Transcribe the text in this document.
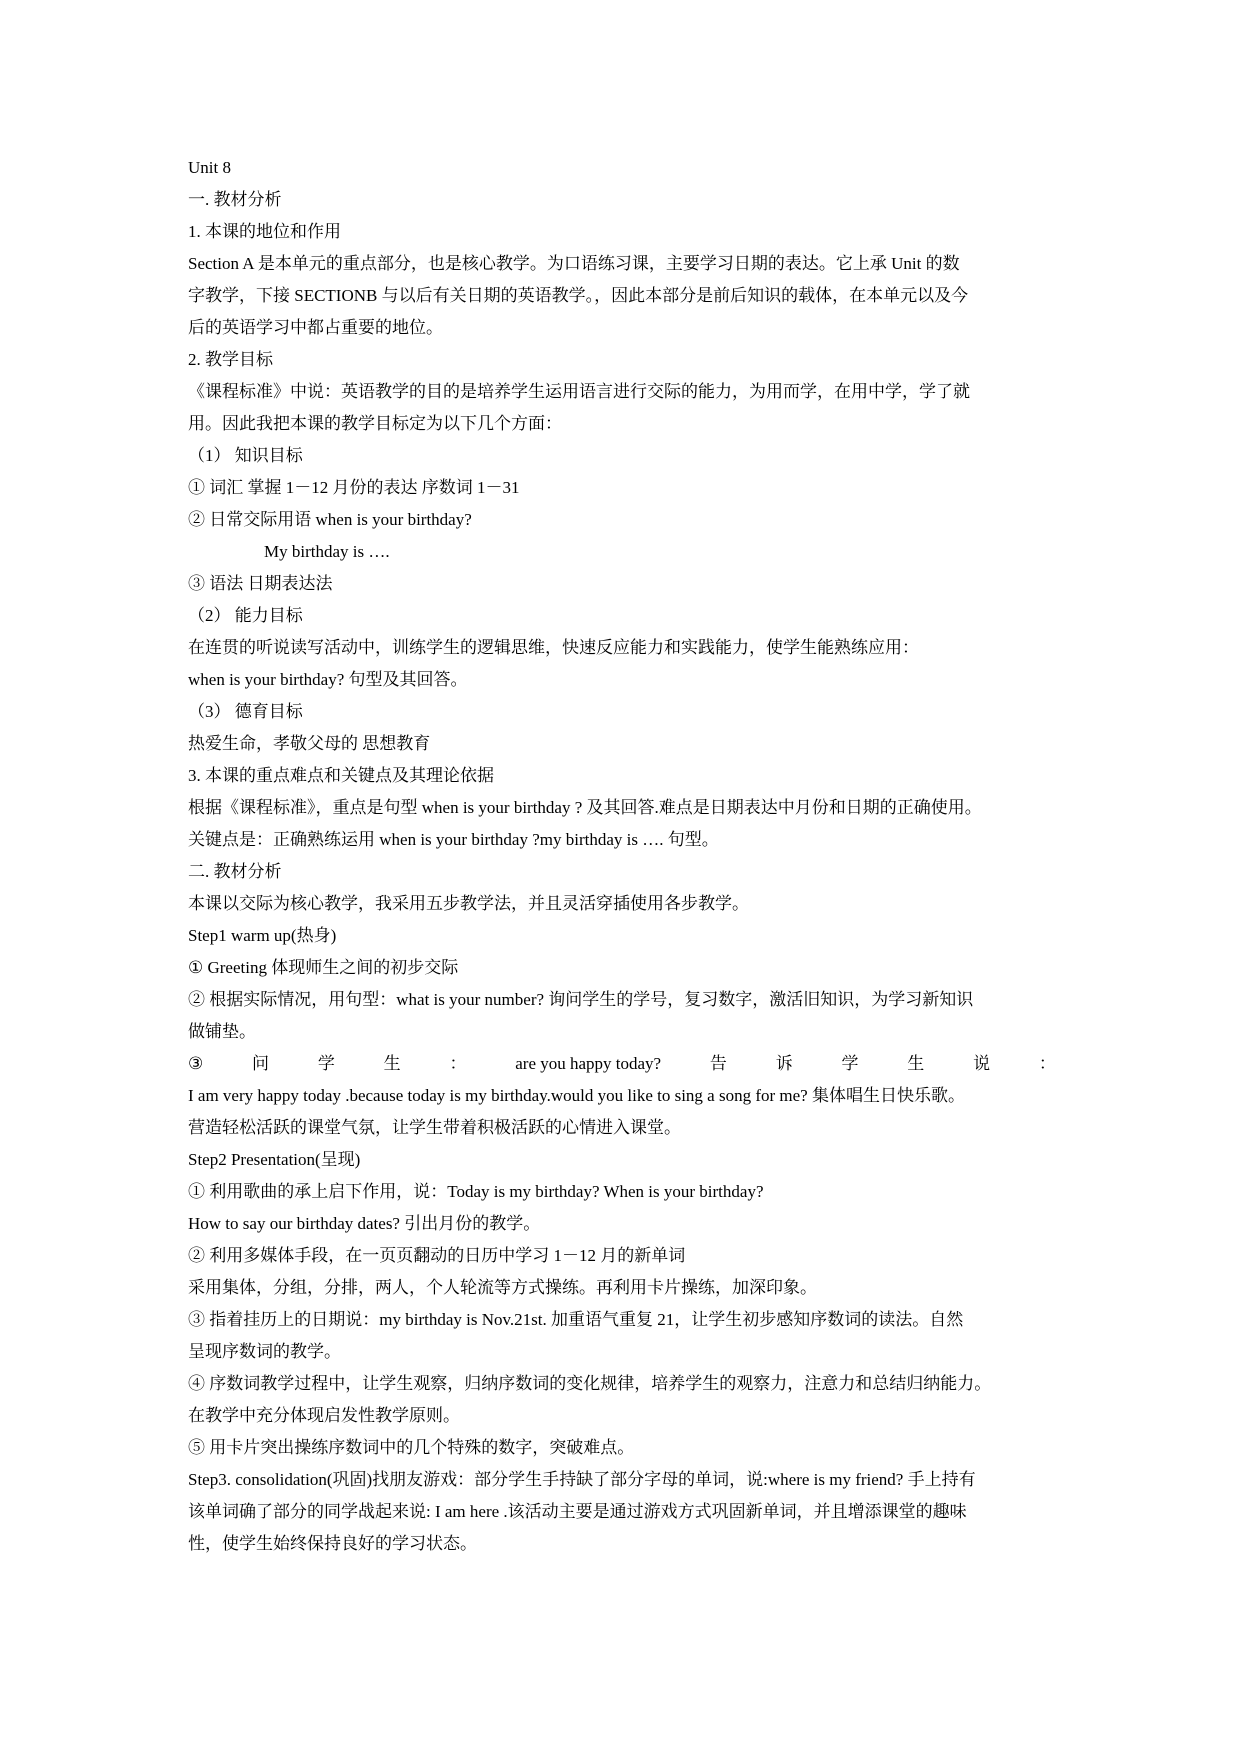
Unit 8
一. 教材分析
1. 本课的地位和作用
Section A 是本单元的重点部分，也是核心教学。为口语练习课，主要学习日期的表达。它上承 Unit 的数
字教学，下接 SECTIONB 与以后有关日期的英语教学。，因此本部分是前后知识的载体，在本单元以及今
后的英语学习中都占重要的地位。
2. 教学目标
《课程标准》中说：英语教学的目的是培养学生运用语言进行交际的能力，为用而学，在用中学，学了就
用。因此我把本课的教学目标定为以下几个方面：
（1） 知识目标
① 词汇 掌握 1－12 月份的表达 序数词 1－31
② 日常交际用语 when is your birthday?
My birthday is ….
③ 语法 日期表达法
（2） 能力目标
在连贯的听说读写活动中，训练学生的逻辑思维，快速反应能力和实践能力，使学生能熟练应用：
when is your birthday? 句型及其回答。
（3） 德育目标
热爱生命，孝敬父母的 思想教育
3. 本课的重点难点和关键点及其理论依据
根据《课程标准》，重点是句型 when is your birthday ? 及其回答.难点是日期表达中月份和日期的正确使用。
关键点是：正确熟练运用 when is your birthday ?my birthday is …. 句型。
二. 教材分析
本课以交际为核心教学，我采用五步教学法，并且灵活穿插使用各步教学。
Step1 warm up(热身)
① Greeting 体现师生之间的初步交际
② 根据实际情况，用句型：what is your number? 询问学生的学号，复习数字，激活旧知识，为学习新知识
做铺垫。
③	问	学	生	：	are you happy today?	告	诉	学	生	说	：
I am very happy today .because today is my birthday.would you like to sing a song for me? 集体唱生日快乐歌。
营造轻松活跃的课堂气氛，让学生带着积极活跃的心情进入课堂。
Step2 Presentation(呈现)
① 利用歌曲的承上启下作用，说：Today is my birthday? When is your birthday?
How to say our birthday dates? 引出月份的教学。
② 利用多媒体手段，在一页页翻动的日历中学习 1－12 月的新单词
采用集体，分组，分排，两人，个人轮流等方式操练。再利用卡片操练，加深印象。
③ 指着挂历上的日期说：my birthday is Nov.21st. 加重语气重复 21，让学生初步感知序数词的读法。自然
呈现序数词的教学。
④ 序数词教学过程中，让学生观察，归纳序数词的变化规律，培养学生的观察力，注意力和总结归纳能力。
在教学中充分体现启发性教学原则。
⑤ 用卡片突出操练序数词中的几个特殊的数字，突破难点。
Step3. consolidation(巩固)找朋友游戏：部分学生手持缺了部分字母的单词，说:where is my friend? 手上持有
该单词确了部分的同学战起来说: I am here .该活动主要是通过游戏方式巩固新单词，并且增添课堂的趣味
性，使学生始终保持良好的学习状态。
